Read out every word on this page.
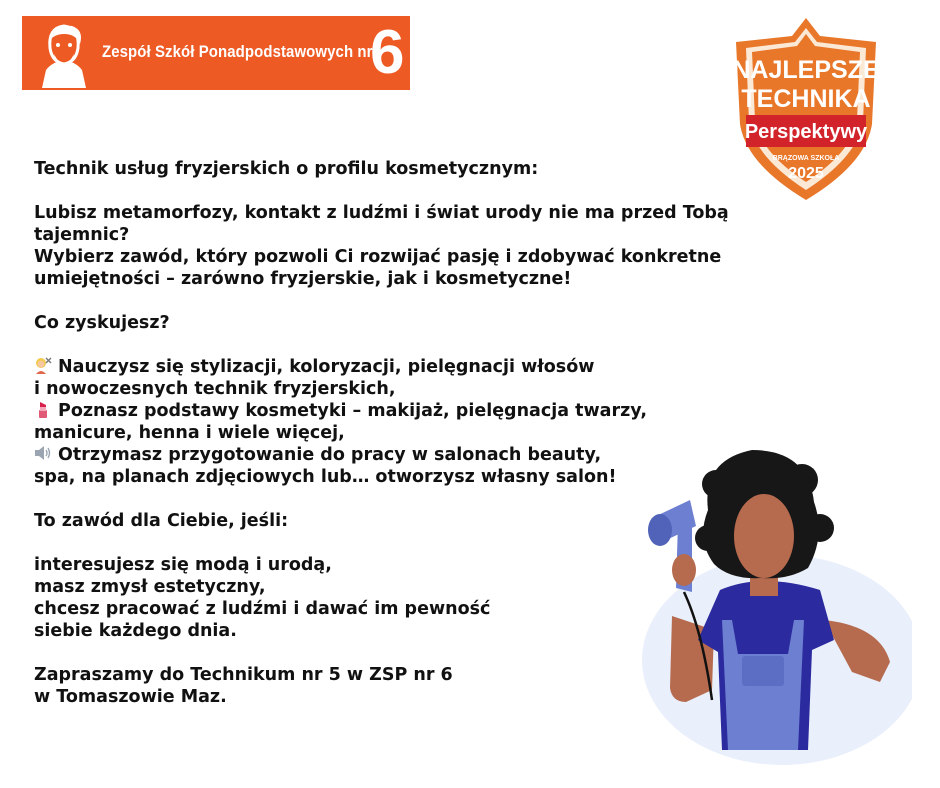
Zespół Szkół Ponadpodstawowych nr
6	NAJLEPSZE
TECHNIKA
Perspektywy
BRĄZOWA SZKOŁA
2025

Technik usług fryzjerskich o profilu kosmetycznym:

Lubisz metamorfozy, kontakt z ludźmi i świat urody nie ma przed Tobą

tajemnic?

Wybierz zawód, który pozwoli Ci rozwijać pasję i zdobywać konkretne

umiejętności – zarówno fryzjerskie, jak i kosmetyczne!

Co zyskujesz?

Nauczysz się stylizacji, koloryzacji, pielęgnacji włosów

i nowoczesnych technik fryzjerskich,

Poznasz podstawy kosmetyki – makijaż, pielęgnacja twarzy,

manicure, henna i wiele więcej,

Otrzymasz przygotowanie do pracy w salonach beauty,

spa, na planach zdjęciowych lub… otworzysz własny salon!

To zawód dla Ciebie, jeśli:

interesujesz się modą i urodą,

masz zmysł estetyczny,

chcesz pracować z ludźmi i dawać im pewność

siebie każdego dnia.

Zapraszamy do Technikum nr 5 w ZSP nr 6

w Tomaszowie Maz.
